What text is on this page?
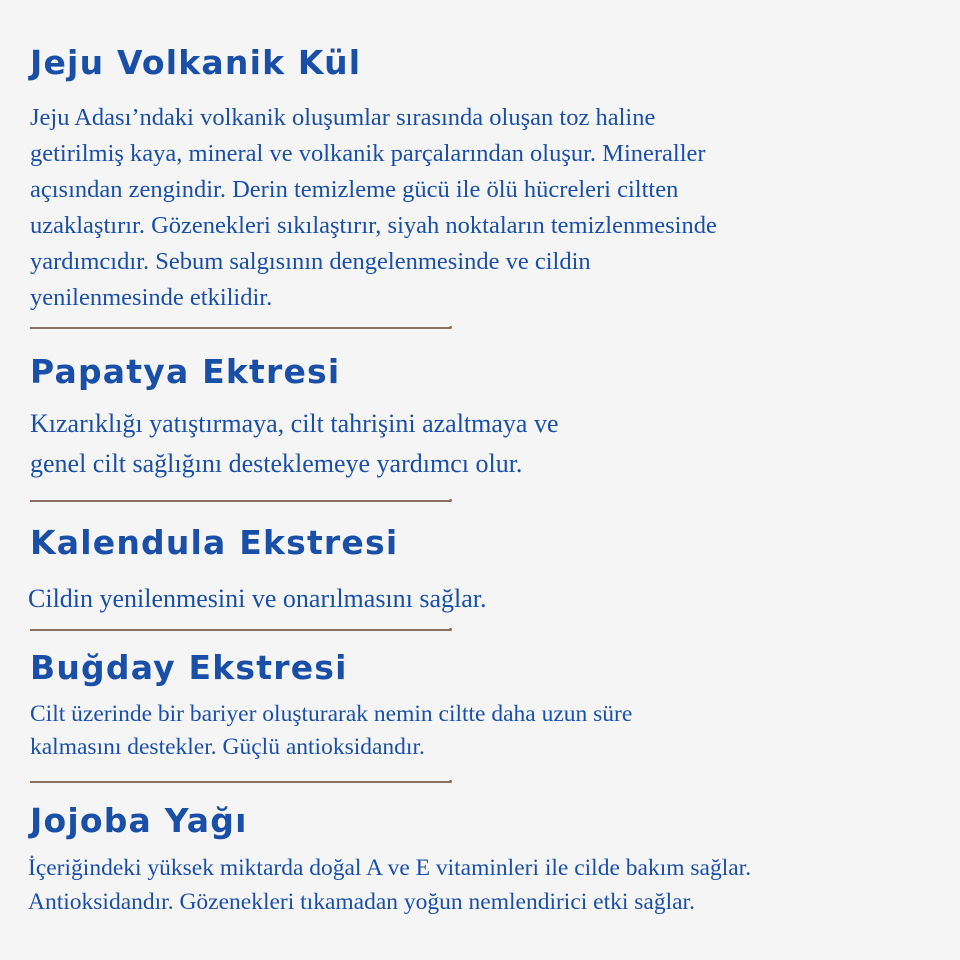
Jeju Volkanik Kül

Jeju Adası’ndaki volkanik oluşumlar sırasında oluşan toz haline

getirilmiş kaya, mineral ve volkanik parçalarından oluşur. Mineraller

açısından zengindir. Derin temizleme gücü ile ölü hücreleri ciltten

uzaklaştırır. Gözenekleri sıkılaştırır, siyah noktaların temizlenmesinde

yardımcıdır. Sebum salgısının dengelenmesinde ve cildin

yenilenmesinde etkilidir.

Papatya Ektresi

Kızarıklığı yatıştırmaya, cilt tahrişini azaltmaya ve

genel cilt sağlığını desteklemeye yardımcı olur.

Kalendula Ekstresi

Cildin yenilenmesini ve onarılmasını sağlar.

Buğday Ekstresi

Cilt üzerinde bir bariyer oluşturarak nemin ciltte daha uzun süre

kalmasını destekler. Güçlü antioksidandır.

Jojoba Yağı

İçeriğindeki yüksek miktarda doğal A ve E vitaminleri ile cilde bakım sağlar.

Antioksidandır. Gözenekleri tıkamadan yoğun nemlendirici etki sağlar.
